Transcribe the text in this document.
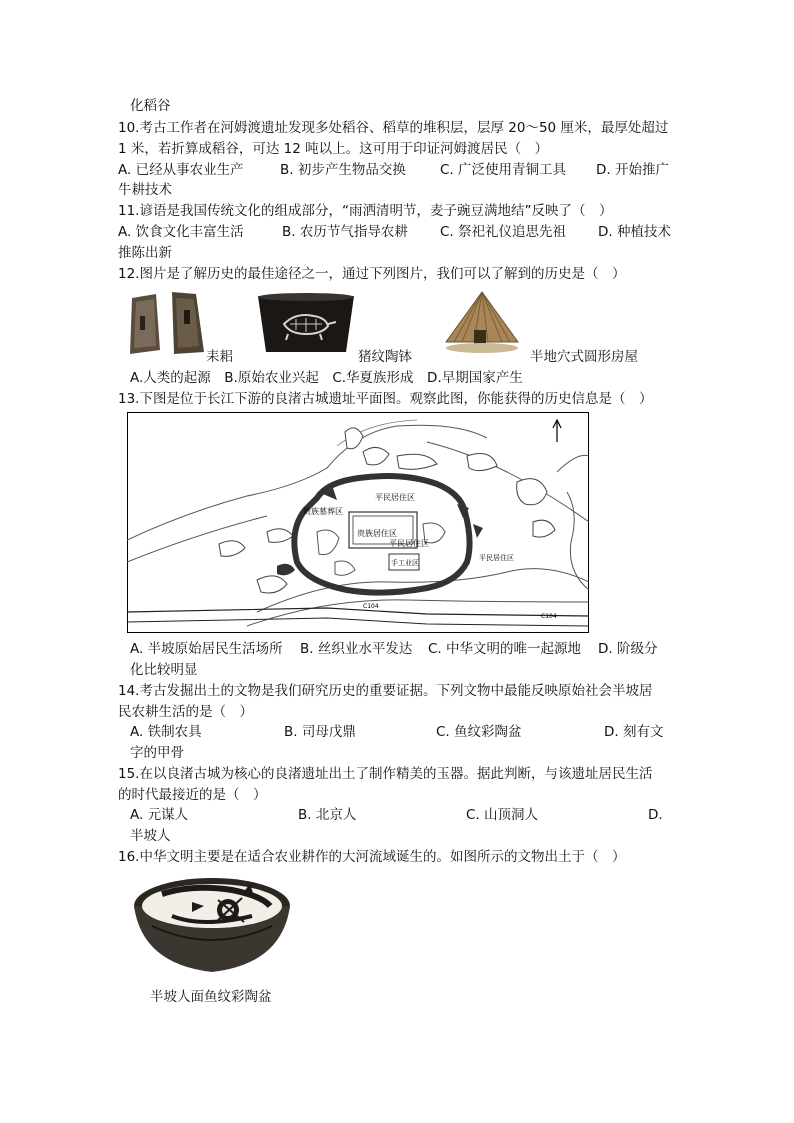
化稻谷
10.考古工作者在河姆渡遗址发现多处稻谷、稻草的堆积层，层厚 20～50 厘米，最厚处超过
1 米，若折算成稻谷，可达 12 吨以上。这可用于印证河姆渡居民（　）
A. 已经从事农业生产	B. 初步产生物品交换	C. 广泛使用青铜工具 D. 开始推广
牛耕技术
11.谚语是我国传统文化的组成部分，“雨洒清明节，麦子豌豆满地结”反映了（　）
A. 饮食文化丰富生活	B. 农历节气指导农耕 C. 祭祀礼仪追思先祖 D. 种植技术
推陈出新
12.图片是了解历史的最佳途径之一，通过下列图片，我们可以了解到的历史是（　）
耒耜	猪纹陶钵	半地穴式圆形房屋
A.人类的起源　B.原始农业兴起　C.华夏族形成　D.早期国家产生
13.下图是位于长江下游的良渚古城遗址平面图。观察此图，你能获得的历史信息是（　）
平民居住区
贵族居住区
平民居住区
平民居住区
手工业区
贵族墓葬区
C104
C104
A. 半坡原始居民生活场所 B. 丝织业水平发达 C. 中华文明的唯一起源地 D. 阶级分
化比较明显
14.考古发掘出土的文物是我们研究历史的重要证据。下列文物中最能反映原始社会半坡居
民农耕生活的是（　）
A. 铁制农具	B. 司母戊鼎	C. 鱼纹彩陶盆	D. 刻有文
字的甲骨
15.在以良渚古城为核心的良渚遗址出土了制作精美的玉器。据此判断，与该遗址居民生活
的时代最接近的是（　）
A. 元谋人	B. 北京人	C. 山顶洞人	D.
半坡人
16.中华文明主要是在适合农业耕作的大河流域诞生的。如图所示的文物出土于（　）
半坡人面鱼纹彩陶盆
